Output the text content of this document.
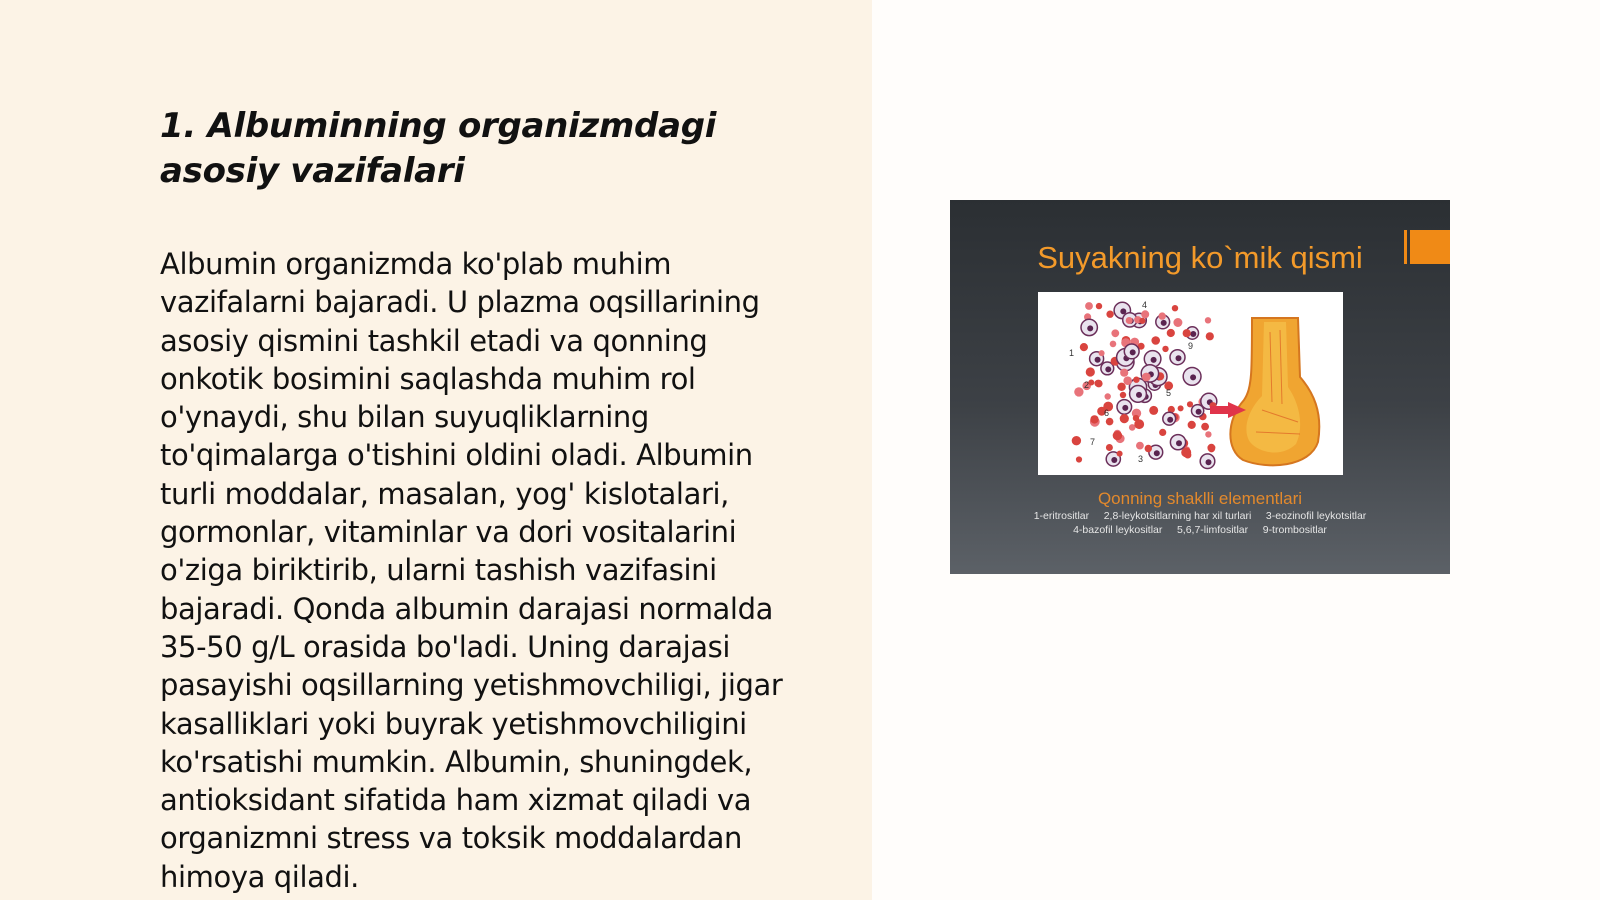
1. Albuminning organizmdagi asosiy vazifalari

Albumin organizmda ko'plab muhim
vazifalarni bajaradi. U plazma oqsillarining
asosiy qismini tashkil etadi va qonning
onkotik bosimini saqlashda muhim rol
o'ynaydi, shu bilan suyuqliklarning
to'qimalarga o'tishini oldini oladi. Albumin
turli moddalar, masalan, yog' kislotalari,
gormonlar, vitaminlar va dori vositalarini
o'ziga biriktirib, ularni tashish vazifasini
bajaradi. Qonda albumin darajasi normalda
35-50 g/L orasida bo'ladi. Uning darajasi
pasayishi oqsillarning yetishmovchiligi, jigar
kasalliklari yoki buyrak yetishmovchiligini
ko'rsatishi mumkin. Albumin, shuningdek,
antioksidant sifatida ham xizmat qiladi va
organizmni stress va toksik moddalardan
himoya qiladi.

Suyakning ko`mik qismi
4
1
2
3
5
6
7
9
Qonning shaklli elementlari
1-eritrositlar     2,8-leykotsitlarning har xil turlari     3-eozinofil leykotsitlar
4-bazofil leykositlar     5,6,7-limfositlar     9-trombositlar
